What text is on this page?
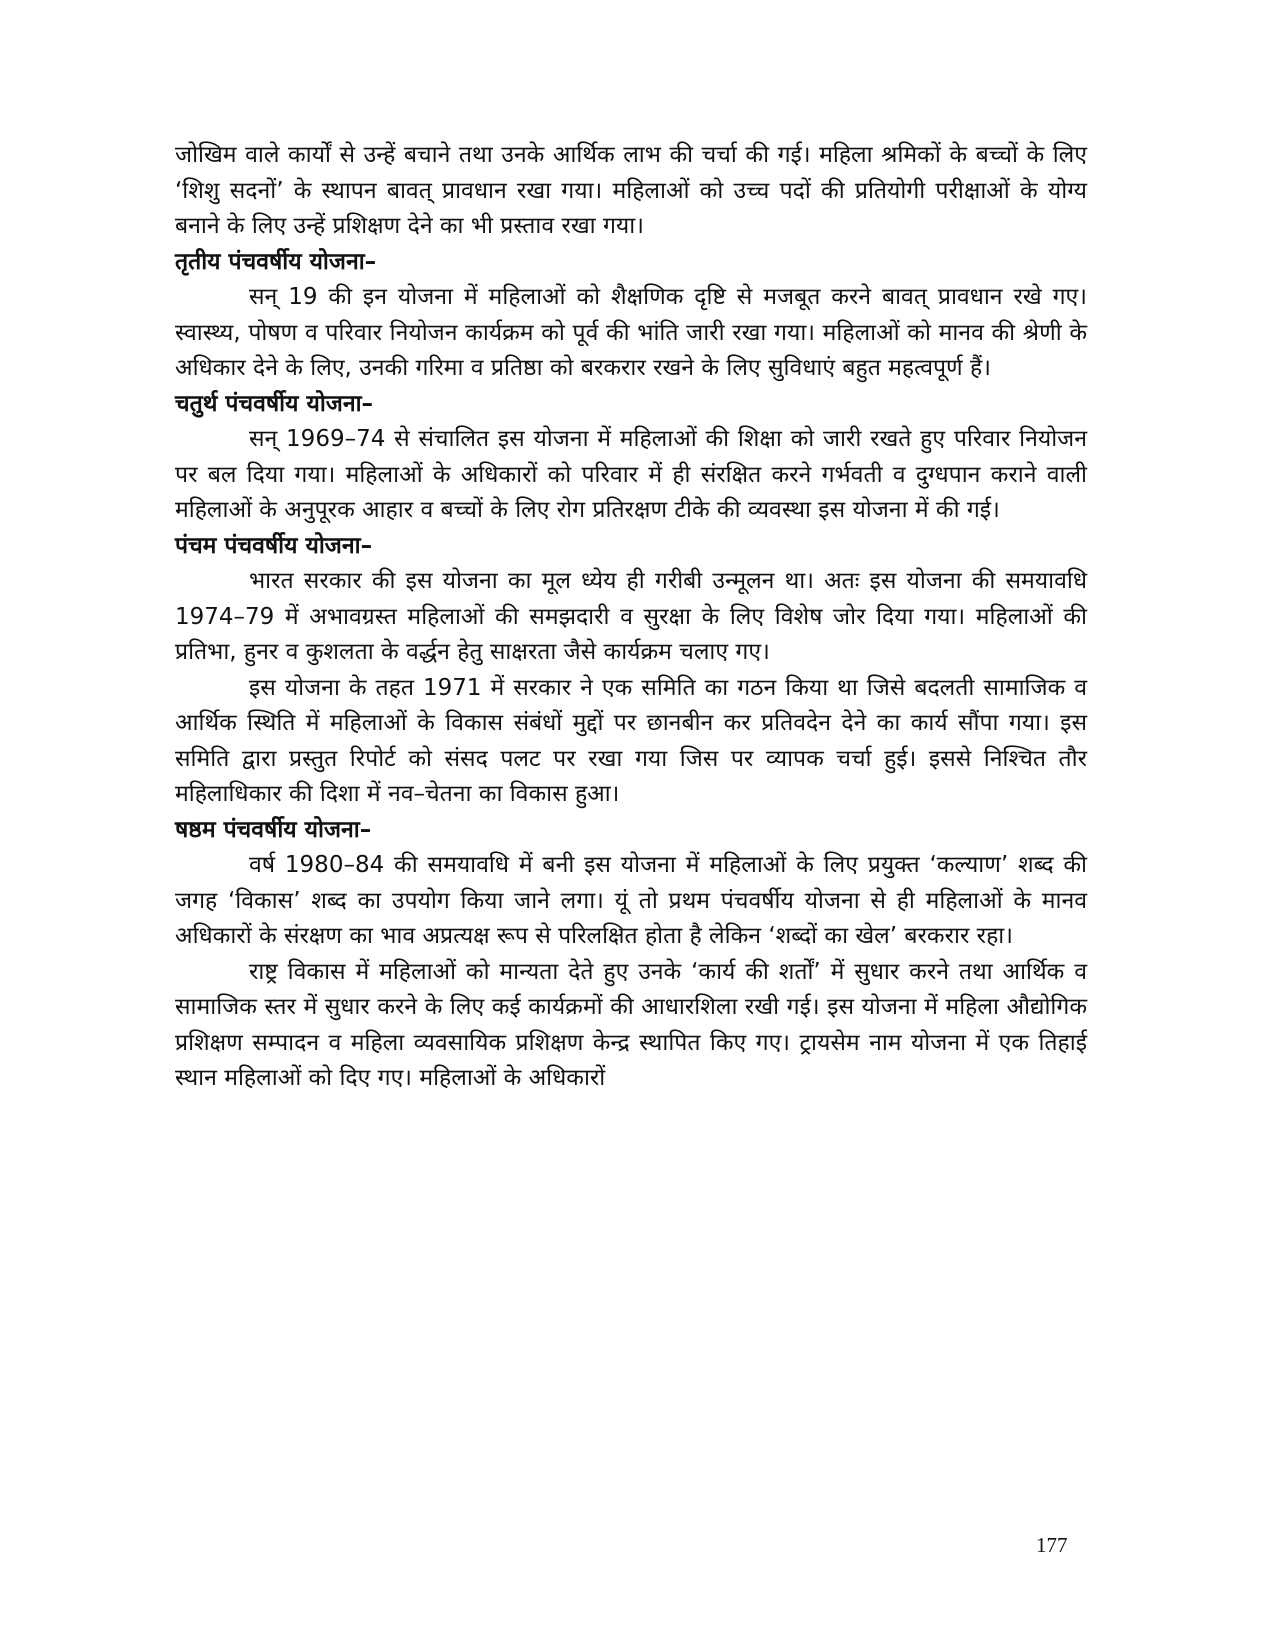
जोखिम वाले कार्यों से उन्हें बचाने तथा उनके आर्थिक लाभ की चर्चा की गई। महिला श्रमिकों के बच्चों के लिए ‘शिशु सदनों’ के स्थापन बावत् प्रावधान रखा गया। महिलाओं को उच्च पदों की प्रतियोगी परीक्षाओं के योग्य बनाने के लिए उन्हें प्रशिक्षण देने का भी प्रस्ताव रखा गया।

तृतीय पंचवर्षीय योजना–

सन् 19 की इन योजना में महिलाओं को शैक्षणिक दृष्टि से मजबूत करने बावत् प्रावधान रखे गए। स्वास्थ्य, पोषण व परिवार नियोजन कार्यक्रम को पूर्व की भांति जारी रखा गया। महिलाओं को मानव की श्रेणी के अधिकार देने के लिए, उनकी गरिमा व प्रतिष्ठा को बरकरार रखने के लिए सुविधाएं बहुत महत्वपूर्ण हैं।

चतुर्थ पंचवर्षीय योजना–

सन् 1969–74 से संचालित इस योजना में महिलाओं की शिक्षा को जारी रखते हुए परिवार नियोजन पर बल दिया गया। महिलाओं के अधिकारों को परिवार में ही संरक्षित करने गर्भवती व दुग्धपान कराने वाली महिलाओं के अनुपूरक आहार व बच्चों के लिए रोग प्रतिरक्षण टीके की व्यवस्था इस योजना में की गई।

पंचम पंचवर्षीय योजना–

भारत सरकार की इस योजना का मूल ध्येय ही गरीबी उन्मूलन था। अतः इस योजना की समयावधि 1974–79 में अभावग्रस्त महिलाओं की समझदारी व सुरक्षा के लिए विशेष जोर दिया गया। महिलाओं की प्रतिभा, हुनर व कुशलता के वर्द्धन हेतु साक्षरता जैसे कार्यक्रम चलाए गए।

इस योजना के तहत 1971 में सरकार ने एक समिति का गठन किया था जिसे बदलती सामाजिक व आर्थिक स्थिति में महिलाओं के विकास संबंधों मुद्दों पर छानबीन कर प्रतिवदेन देने का कार्य सौंपा गया। इस समिति द्वारा प्रस्तुत रिपोर्ट को संसद पलट पर रखा गया जिस पर व्यापक चर्चा हुई। इससे निश्चित तौर महिलाधिकार की दिशा में नव–चेतना का विकास हुआ।

षष्ठम पंचवर्षीय योजना–

वर्ष 1980–84 की समयावधि में बनी इस योजना में महिलाओं के लिए प्रयुक्त ‘कल्याण’ शब्द की जगह ‘विकास’ शब्द का उपयोग किया जाने लगा। यूं तो प्रथम पंचवर्षीय योजना से ही महिलाओं के मानव अधिकारों के संरक्षण का भाव अप्रत्यक्ष रूप से परिलक्षित होता है लेकिन ‘शब्दों का खेल’ बरकरार रहा।

राष्ट्र विकास में महिलाओं को मान्यता देते हुए उनके ‘कार्य की शर्तों’ में सुधार करने तथा आर्थिक व सामाजिक स्तर में सुधार करने के लिए कई कार्यक्रमों की आधारशिला रखी गई। इस योजना में महिला औद्योगिक प्रशिक्षण सम्पादन व महिला व्यवसायिक प्रशिक्षण केन्द्र स्थापित किए गए। ट्रायसेम नाम योजना में एक तिहाई स्थान महिलाओं को दिए गए। महिलाओं के अधिकारों

177
